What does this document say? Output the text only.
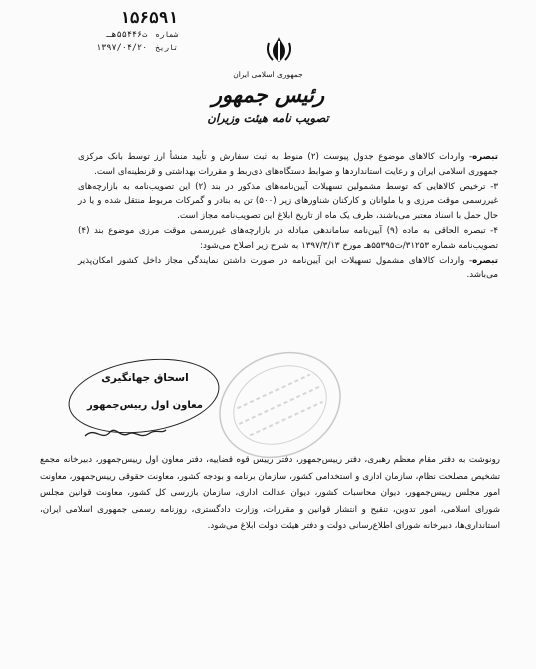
۱۵۶۵۹۱
شماره ت۵۵۴۴۶هـ
تاریخ ۱۳۹۷/۰۴/۲۰
جمهوری اسلامی ایران
رئیس جمهور
تصویب نامه هیئت وزیران

تبصره- واردات کالاهای موضوع جدول پیوست (۲) منوط به ثبت سفارش و تأیید منشأ ارز توسط بانک مرکزی جمهوری اسلامی ایران و رعایت استانداردها و ضوابط دستگاه‌های ذی‌ربط و مقررات بهداشتی و قرنطینه‌ای است.

۳- ترخیص کالاهایی که توسط مشمولین تسهیلات آیین‌نامه‌های مذکور در بند (۲) این تصویب‌نامه به بازارچه‌های غیررسمی موقت مرزی و یا ملوانان و کارکنان شناورهای زیر (۵۰۰) تن به بنادر و گمرکات مربوط منتقل شده و یا در حال حمل با اسناد معتبر می‌باشند، ظرف یک ماه از تاریخ ابلاغ این تصویب‌نامه مجاز است.

۴- تبصره الحاقی به ماده (۹) آیین‌نامه ساماندهی مبادله در بازارچه‌های غیررسمی موقت مرزی موضوع بند (۴) تصویب‌نامه شماره ۳۱۲۵۳/ت۵۵۳۹۵هـ مورخ ۱۳۹۷/۳/۱۳ به شرح زیر اصلاح می‌شود:

تبصره- واردات کالاهای مشمول تسهیلات این آیین‌نامه در صورت داشتن نمایندگی مجاز داخل کشور امکان‌پذیر می‌باشد.

اسحاق جهانگیری
معاون اول رییس‌جمهور
رونوشت به دفتر مقام معظم رهبری، دفتر رییس‌جمهور، دفتر رییس قوه قضاییه، دفتر معاون اول رییس‌جمهور، دبیرخانه مجمع تشخیص مصلحت نظام، سازمان اداری و استخدامی کشور، سازمان برنامه و بودجه کشور، معاونت حقوقی رییس‌جمهور، معاونت امور مجلس رییس‌جمهور، دیوان محاسبات کشور، دیوان عدالت اداری، سازمان بازرسی کل کشور، معاونت قوانین مجلس شورای اسلامی، امور تدوین، تنقیح و انتشار قوانین و مقررات، وزارت دادگستری، روزنامه رسمی جمهوری اسلامی ایران، استانداری‌ها، دبیرخانه شورای اطلاع‌رسانی دولت و دفتر هیئت دولت ابلاغ می‌شود.
